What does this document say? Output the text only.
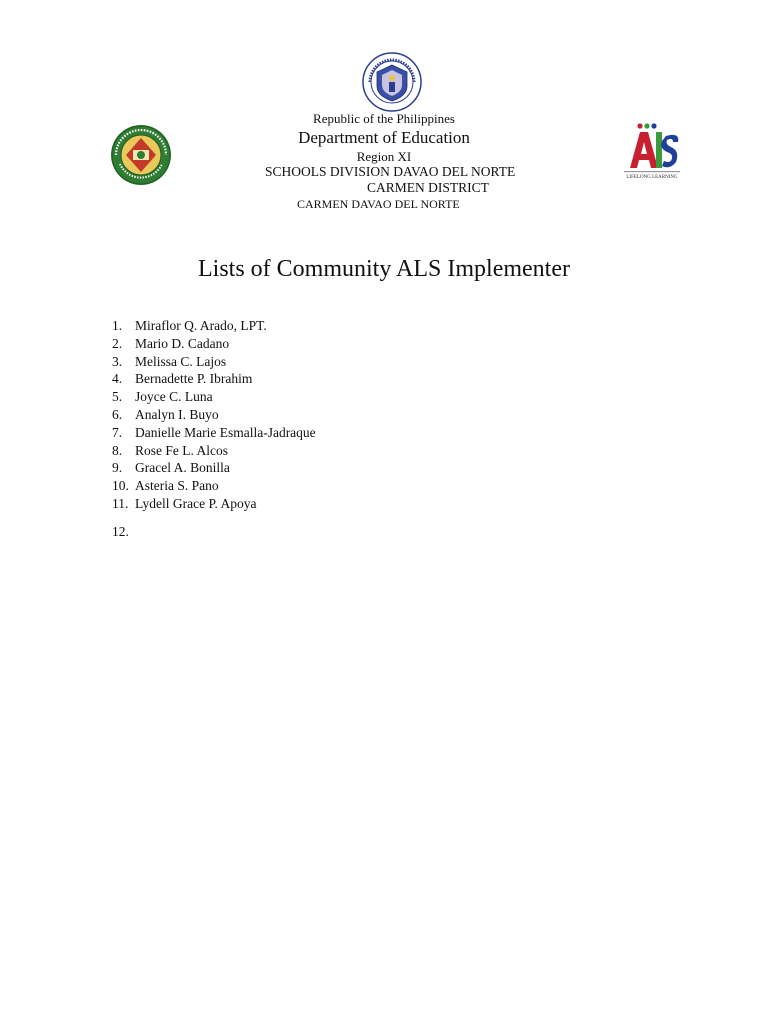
LIFELONG LEARNING
Republic of the Philippines
Department of Education
Region XI
SCHOOLS DIVISION DAVAO DEL NORTE
CARMEN DISTRICT
CARMEN DAVAO DEL NORTE
Lists of Community ALS Implementer
1. Miraflor Q. Arado, LPT.
2. Mario D. Cadano
3. Melissa C. Lajos
4. Bernadette P. Ibrahim
5. Joyce C. Luna
6. Analyn I. Buyo
7. Danielle Marie Esmalla-Jadraque
8. Rose Fe L. Alcos
9. Gracel A. Bonilla
10. Asteria S. Pano
11. Lydell Grace P. Apoya
12.
